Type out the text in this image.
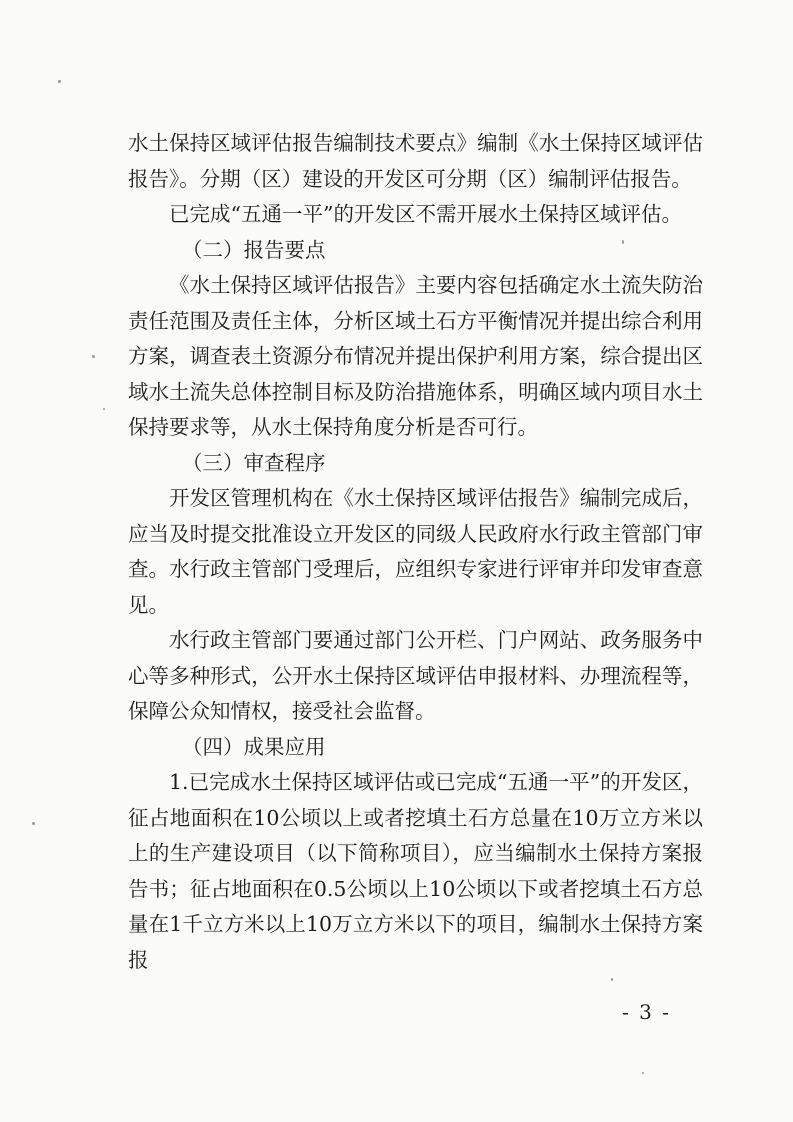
水土保持区域评估报告编制技术要点》编制《水土保持区域评估报告》。分期（区）建设的开发区可分期（区）编制评估报告。

已完成“五通一平”的开发区不需开展水土保持区域评估。

（二）报告要点

《水土保持区域评估报告》主要内容包括确定水土流失防治责任范围及责任主体，分析区域土石方平衡情况并提出综合利用方案，调查表土资源分布情况并提出保护利用方案，综合提出区域水土流失总体控制目标及防治措施体系，明确区域内项目水土保持要求等，从水土保持角度分析是否可行。

（三）审查程序

开发区管理机构在《水土保持区域评估报告》编制完成后，应当及时提交批准设立开发区的同级人民政府水行政主管部门审查。水行政主管部门受理后，应组织专家进行评审并印发审查意见。

水行政主管部门要通过部门公开栏、门户网站、政务服务中心等多种形式，公开水土保持区域评估申报材料、办理流程等，保障公众知情权，接受社会监督。

（四）成果应用

1.已完成水土保持区域评估或已完成“五通一平”的开发区，征占地面积在10公顷以上或者挖填土石方总量在10万立方米以上的生产建设项目（以下简称项目），应当编制水土保持方案报告书；征占地面积在0.5公顷以上10公顷以下或者挖填土石方总量在1千立方米以上10万立方米以下的项目，编制水土保持方案报

- 3 -
